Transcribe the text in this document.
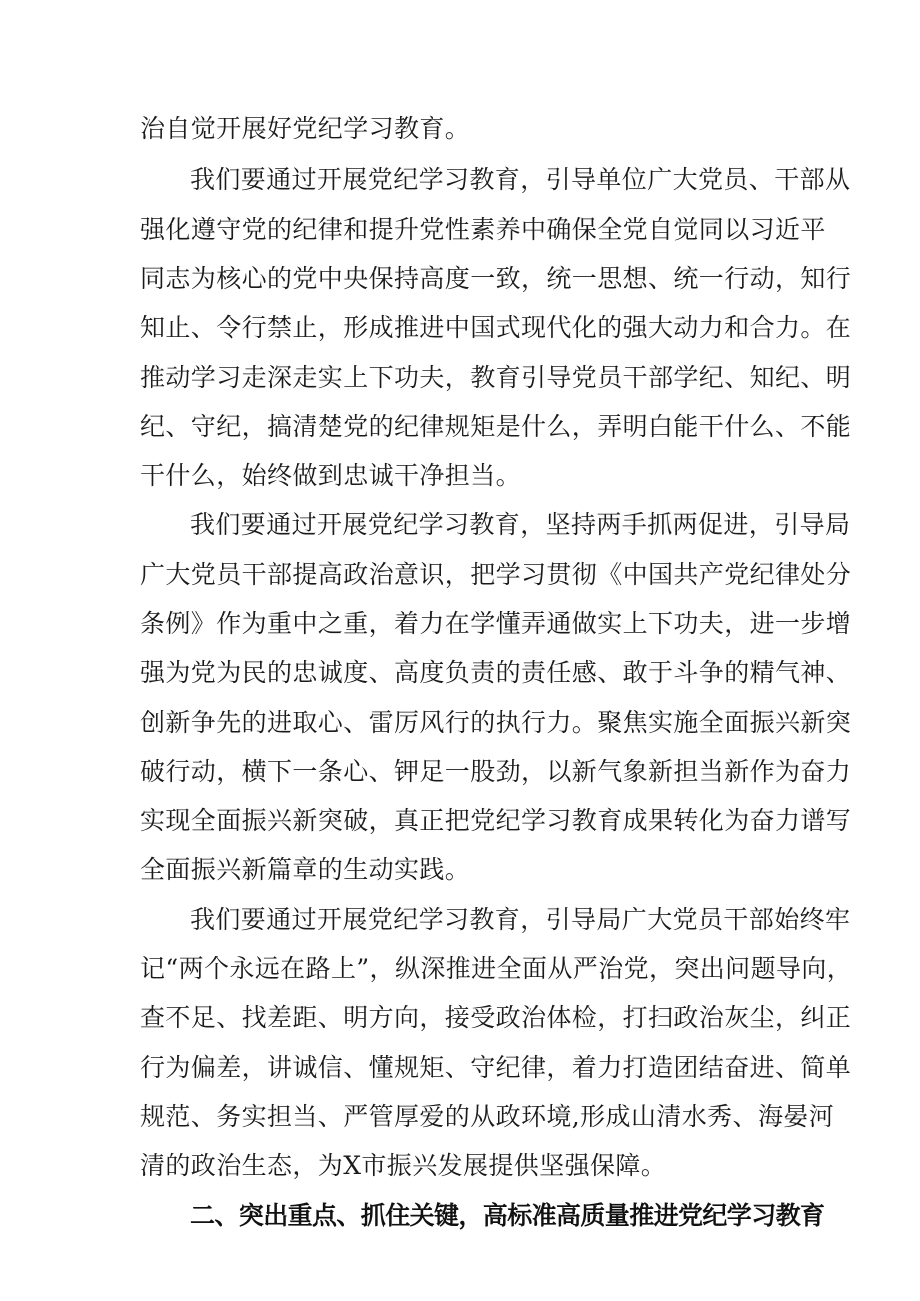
治自觉开展好党纪学习教育。
我们要通过开展党纪学习教育，引导单位广大党员、干部从
强化遵守党的纪律和提升党性素养中确保全党自觉同以习近平
同志为核心的党中央保持高度一致，统一思想、统一行动，知行
知止、令行禁止，形成推进中国式现代化的强大动力和合力。在
推动学习走深走实上下功夫，教育引导党员干部学纪、知纪、明
纪、守纪，搞清楚党的纪律规矩是什么，弄明白能干什么、不能
干什么，始终做到忠诚干净担当。
我们要通过开展党纪学习教育，坚持两手抓两促进，引导局
广大党员干部提高政治意识，把学习贯彻《中国共产党纪律处分
条例》作为重中之重，着力在学懂弄通做实上下功夫，进一步增
强为党为民的忠诚度、高度负责的责任感、敢于斗争的精气神、
创新争先的进取心、雷厉风行的执行力。聚焦实施全面振兴新突
破行动，横下一条心、钾足一股劲，以新气象新担当新作为奋力
实现全面振兴新突破，真正把党纪学习教育成果转化为奋力谱写
全面振兴新篇章的生动实践。
我们要通过开展党纪学习教育，引导局广大党员干部始终牢
记“两个永远在路上”，纵深推进全面从严治党，突出问题导向，
查不足、找差距、明方向，接受政治体检，打扫政治灰尘，纠正
行为偏差，讲诚信、懂规矩、守纪律，着力打造团结奋进、简单
规范、务实担当、严管厚爱的从政环境,形成山清水秀、海晏河
清的政治生态，为X市振兴发展提供坚强保障。
二、突出重点、抓住关键，高标准高质量推进党纪学习教育
